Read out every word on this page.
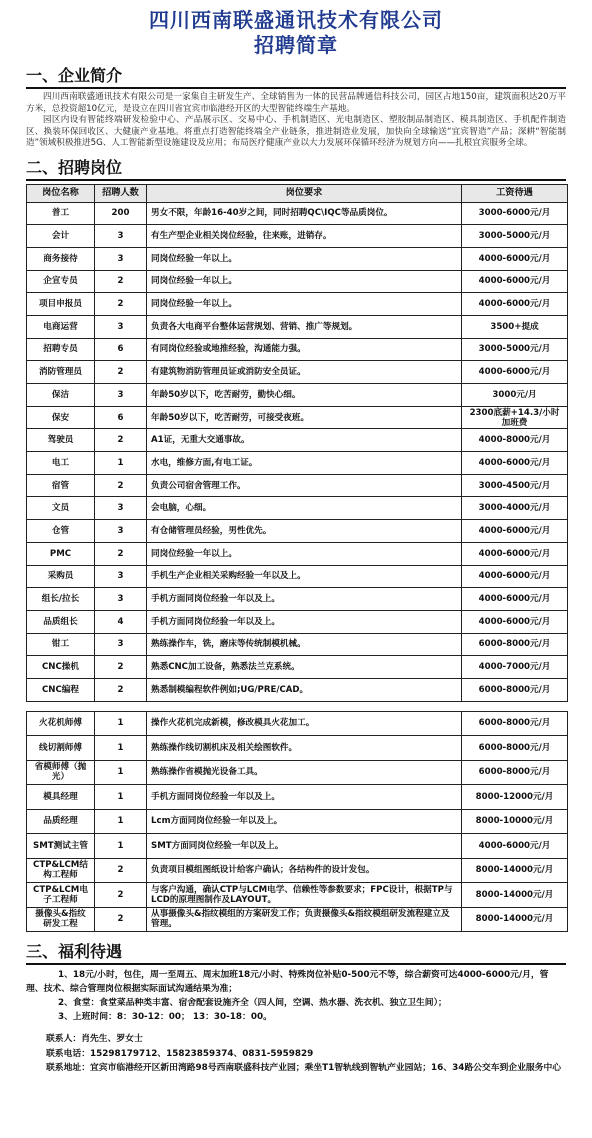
四川西南联盛通讯技术有限公司
招聘简章
一、企业简介

四川西南联盛通讯技术有限公司是一家集自主研发生产、全球销售为一体的民营品牌通信科技公司，园区占地150亩，建筑面积达20万平方米，总投资超10亿元，是设立在四川省宜宾市临港经开区的大型智能终端生产基地。

园区内设有智能终端研发检验中心、产品展示区、交易中心、手机制造区、光电制造区、塑胶制品制造区、模具制造区、手机配件制造区、换装环保回收区、大健康产业基地。将重点打造智能终端全产业链条，推进制造业发展，加快向全球输送“宜宾智造”产品；深耕“智能制造”领域积极推进5G、人工智能新型设施建设及应用；布局医疗健康产业以大力发展环保循环经济为规划方向——扎根宜宾服务全球。

二、招聘岗位
岗位名称	招聘人数	岗位要求	工资待遇
普工	200	男女不限，年龄16-40岁之间，同时招聘QC\IQC等品质岗位。	3000-6000元/月
会计	3	有生产型企业相关岗位经验，往来账，进销存。	3000-5000元/月
商务接待	3	同岗位经验一年以上。	4000-6000元/月
企宣专员	2	同岗位经验一年以上。	4000-6000元/月
项目申报员	2	同岗位经验一年以上。	4000-6000元/月
电商运营	3	负责各大电商平台整体运营规划、营销、推广等规划。	3500+提成
招聘专员	6	有同岗位经验或地推经验，沟通能力强。	3000-5000元/月
消防管理员	2	有建筑物消防管理员证或消防安全员证。	4000-6000元/月
保洁	3	年龄50岁以下，吃苦耐劳，勤快心细。	3000元/月
保安	6	年龄50岁以下，吃苦耐劳，可接受夜班。	2300底薪+14.3/小时加班费
驾驶员	2	A1证，无重大交通事故。	4000-8000元/月
电工	1	水电，维修方面,有电工证。	4000-6000元/月
宿管	2	负责公司宿舍管理工作。	3000-4500元/月
文员	3	会电脑，心细。	3000-4000元/月
仓管	3	有仓储管理员经验，男性优先。	4000-6000元/月
PMC	2	同岗位经验一年以上。	4000-6000元/月
采购员	3	手机生产企业相关采购经验一年以及上。	4000-6000元/月
组长/拉长	3	手机方面同岗位经验一年以及上。	4000-6000元/月
品质组长	4	手机方面同岗位经验一年以及上。	4000-6000元/月
钳工	3	熟练操作车，铣，磨床等传统制模机械。	6000-8000元/月
CNC操机	2	熟悉CNC加工设备，熟悉法兰克系统。	4000-7000元/月
CNC编程	2	熟悉制模编程软件例如;UG/PRE/CAD。	6000-8000元/月

火花机师傅	1	操作火花机完成新模，修改模具火花加工。	6000-8000元/月
线切割师傅	1	熟练操作线切割机床及相关绘图软件。	6000-8000元/月
省模师傅（抛光）	1	熟练操作省模抛光设备工具。	6000-8000元/月
模具经理	1	手机方面同岗位经验一年以及上。	8000-12000元/月
品质经理	1	Lcm方面同岗位经验一年以及上。	8000-10000元/月
SMT测试主管	1	SMT方面同岗位经验一年以及上。	4000-6000元/月
CTP&LCM结构工程师	2	负责项目模组图纸设计给客户确认；各结构件的设计发包。	8000-14000元/月
CTP&LCM电子工程师	2	与客户沟通，确认CTP与LCM电学、信赖性等参数要求；FPC设计，根据TP与LCD的原理图制作及LAYOUT。	8000-14000元/月
摄像头&指纹研发工程	2	从事摄像头&指纹模组的方案研发工作；负责摄像头&指纹模组研发流程建立及管理。	8000-14000元/月
三、福利待遇

1、18元/小时，包住，周一至周五、周末加班18元/小时、特殊岗位补贴0-500元不等，综合薪资可达4000-6000元/月，管理、技术、综合管理岗位根据实际面试沟通结果为准；

2、食堂：食堂菜品种类丰富、宿舍配套设施齐全（四人间，空调、热水器、洗衣机、独立卫生间）；

3、上班时间：8：30-12：00； 13：30-18：00。

联系人：肖先生、罗女士

联系电话：15298179712、15823859374、0831-5959829

联系地址：宜宾市临港经开区新田湾路98号西南联盛科技产业园；乘坐T1智轨线到智轨产业园站；16、34路公交车到企业服务中心
